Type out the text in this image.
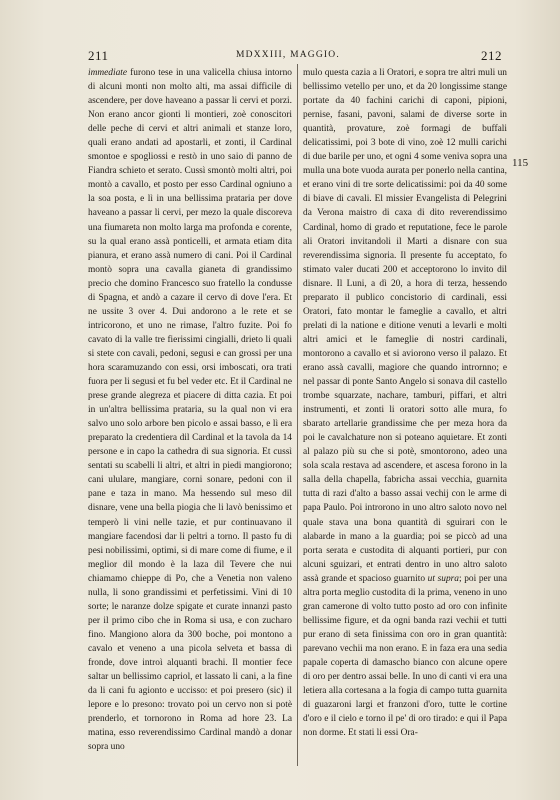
211	MDXXIII, MAGGIO.	212

immediate furono tese in una valicella chiusa intorno di alcuni monti non molto alti, ma assai difficile di ascendere, per dove haveano a passar li cervi et porzi. Non erano ancor gionti li montieri, zoè conoscitori delle peche di cervi et altri animali et stanze loro, quali erano andati ad apostarli, et zonti, il Cardinal smontoe e spogliossi e restò in uno saio di panno de Fiandra schieto et serato. Cussì smontò molti altri, poi montò a cavallo, et posto per esso Cardinal ogniuno a la soa posta, e lì in una bellissima prataria per dove haveano a passar li cervi, per mezo la quale discoreva una fiumareta non molto larga ma profonda e corente, su la qual erano assà ponticelli, et armata etiam dita pianura, et erano assà numero di cani. Poi il Cardinal montò sopra una cavalla gianeta di grandissimo precio che domino Francesco suo fratello la condusse di Spagna, et andò a cazare il cervo di dove l'era. Et ne ussite 3 over 4. Dui andorono a le rete et se intricorono, et uno ne rimase, l'altro fuzite. Poi fo cavato di la valle tre fierissimi cingialli, drieto li quali si stete con cavali, pedoni, segusi e can grossi per una hora scaramuzando con essi, orsi imboscati, ora trati fuora per li segusi et fu bel veder etc. Et il Cardinal ne prese grande alegreza et piacere di ditta cazia. Et poi in un'altra bellissima prataria, su la qual non vi era salvo uno solo arbore ben picolo e assai basso, e lì era preparato la credentiera dil Cardinal et la tavola da 14 persone e in capo la cathedra di sua signoria. Et cussì sentati su scabelli li altri, et altri in piedi mangiorono; cani ululare, mangiare, corni sonare, pedoni con il pane e taza in mano. Ma hessendo sul meso dil disnare, vene una bella piogia che li lavò benissimo et temperò li vini nelle tazie, et pur continuavano il mangiare facendosi dar li peltri a torno. Il pasto fu di pesi nobilissimi, optimi, si di mare come di fiume, e il meglior dil mondo è la laza dil Tevere che nui chiamamo chieppe di Po, che a Venetia non valeno nulla, li sono grandissimi et perfetissimi. Vini di 10 sorte; le naranze dolze spigate et curate innanzi pasto per il primo cibo che in Roma si usa, e con zucharo fino. Mangiono alora da 300 boche, poi montono a cavalo et veneno a una picola selveta et bassa di fronde, dove introì alquanti brachi. Il montier fece saltar un bellissimo capriol, et lassato li cani, a la fine da li cani fu agionto e uccisso: et poi presero (sic) il lepore e lo presono: trovato poi un cervo non si potè prenderlo, et tornorono in Roma ad hore 23. La matina, esso reverendissimo Cardinal mandò a donar sopra uno

mulo questa cazia a li Oratori, e sopra tre altri muli un bellissimo vetello per uno, et da 20 longissime stange portate da 40 fachini carichi di caponi, pipioni, pernise, fasani, pavoni, salami de diverse sorte in quantità, provature, zoè formagi de buffali delicatissimi, poi 3 bote di vino, zoè 12 mulli carichi di due barile per uno, et ogni 4 some veniva sopra una mulla una bote vuoda aurata per ponerlo nella cantina, et erano vini di tre sorte delicatissimi: poi da 40 some di biave di cavali. El missier Evangelista di Pelegrini da Verona maistro di caxa di dito reverendissimo Cardinal, homo di grado et reputatione, fece le parole ali Oratori invitandoli il Marti a disnare con sua reverendissima signoria. Il presente fu acceptato, fo stimato valer ducati 200 et acceptorono lo invito dil disnare. Il Luni, a dì 20, a hora di terza, hessendo preparato il publico concistorio di cardinali, essi Oratori, fato montar le fameglie a cavallo, et altri prelati di la natione e ditione venuti a levarli e molti altri amici et le fameglie di nostri cardinali, montorono a cavallo et si aviorono verso il palazo. Et erano assà cavalli, magiore che quando intrornno; e nel passar di ponte Santo Angelo si sonava dil castello trombe squarzate, nachare, tamburi, piffari, et altri instrumenti, et zonti li oratori sotto alle mura, fo sbarato artellarie grandissime che per meza hora da poi le cavalchature non si poteano aquietare. Et zonti al palazo più su che si potè, smontorono, adeo una sola scala restava ad ascendere, et ascesa forono in la salla della chapella, fabricha assai vecchia, guarnita tutta di razi d'alto a basso assai vechij con le arme di papa Paulo. Poi introrono in uno altro saloto novo nel quale stava una bona quantità di sguirari con le alabarde in mano a la guardia; poi se piccò ad una porta serata e custodita di alquanti portieri, pur con alcuni sguizari, et entrati dentro in uno altro saloto assà grande et spacioso guarnito ut supra; poi per una altra porta meglio custodita di la prima, veneno in uno gran camerone di volto tutto posto ad oro con infinite bellissime figure, et da ogni banda razi vechii et tutti pur erano di seta finissima con oro in gran quantità: parevano vechii ma non erano. E in faza era una sedia papale coperta di damascho bianco con alcune opere di oro per dentro assai belle. In uno di canti vi era una letiera alla cortesana a la fogia di campo tutta guarnita di guazaroni largi et franzoni d'oro, tutte le cortine d'oro e il cielo e torno il pe' di oro tirado: e qui il Papa non dorme. Et stati li essi Ora-

115
